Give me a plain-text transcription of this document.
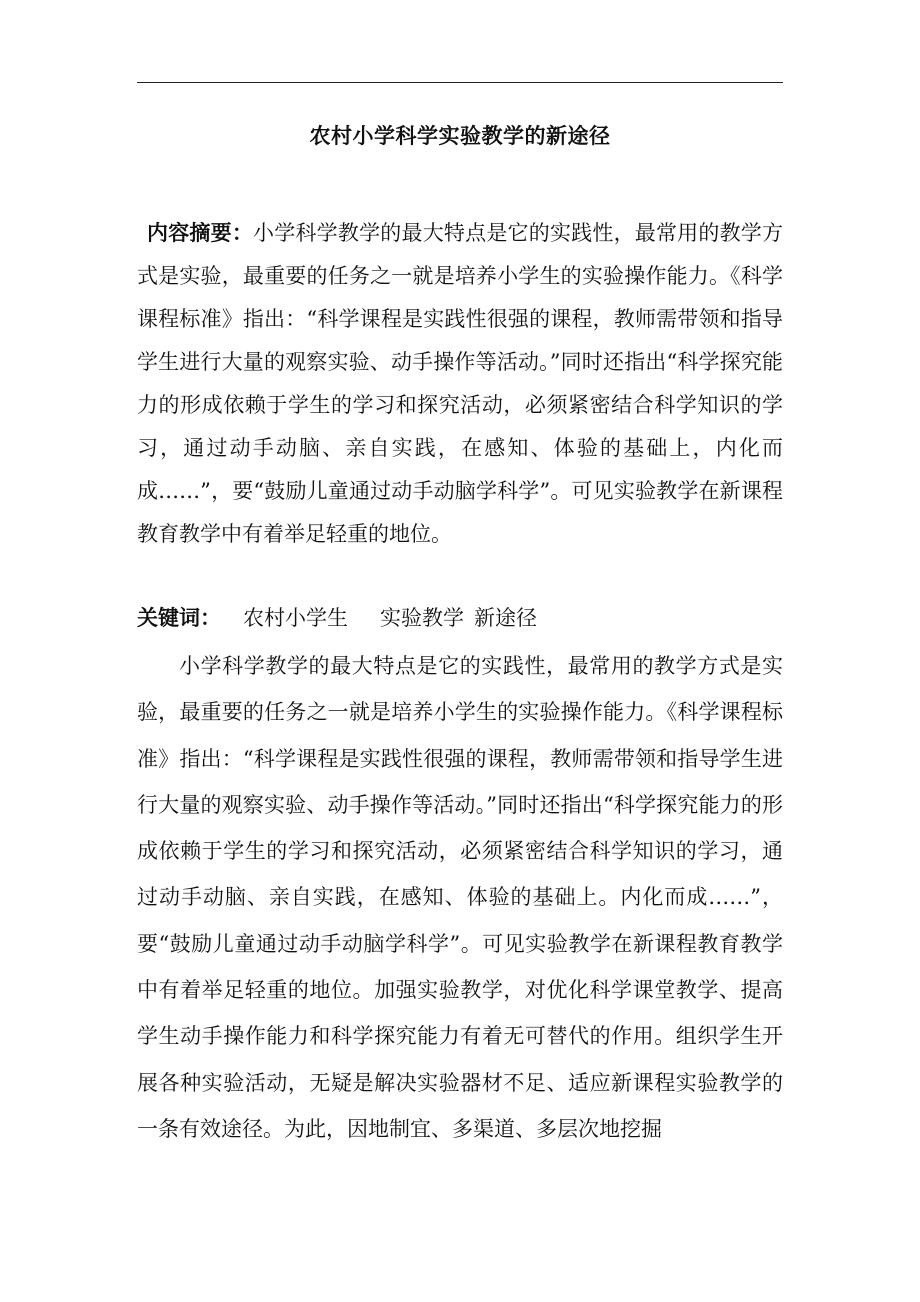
农村小学科学实验教学的新途径
内容摘要：小学科学教学的最大特点是它的实践性，最常用的教学方式是实验，最重要的任务之一就是培养小学生的实验操作能力。《科学课程标准》指出：“科学课程是实践性很强的课程，教师需带领和指导学生进行大量的观察实验、动手操作等活动。”同时还指出“科学探究能力的形成依赖于学生的学习和探究活动，必须紧密结合科学知识的学习，通过动手动脑、亲自实践，在感知、体验的基础上，内化而成……”，要“鼓励儿童通过动手动脑学科学”。可见实验教学在新课程教育教学中有着举足轻重的地位。
关键词： 农村小学生 实验教学 新途径
小学科学教学的最大特点是它的实践性，最常用的教学方式是实验，最重要的任务之一就是培养小学生的实验操作能力。《科学课程标准》指出：“科学课程是实践性很强的课程，教师需带领和指导学生进行大量的观察实验、动手操作等活动。”同时还指出“科学探究能力的形成依赖于学生的学习和探究活动，必须紧密结合科学知识的学习，通过动手动脑、亲自实践，在感知、体验的基础上。内化而成……”，要“鼓励儿童通过动手动脑学科学”。可见实验教学在新课程教育教学中有着举足轻重的地位。加强实验教学，对优化科学课堂教学、提高学生动手操作能力和科学探究能力有着无可替代的作用。组织学生开展各种实验活动，无疑是解决实验器材不足、适应新课程实验教学的一条有效途径。为此，因地制宜、多渠道、多层次地挖掘
